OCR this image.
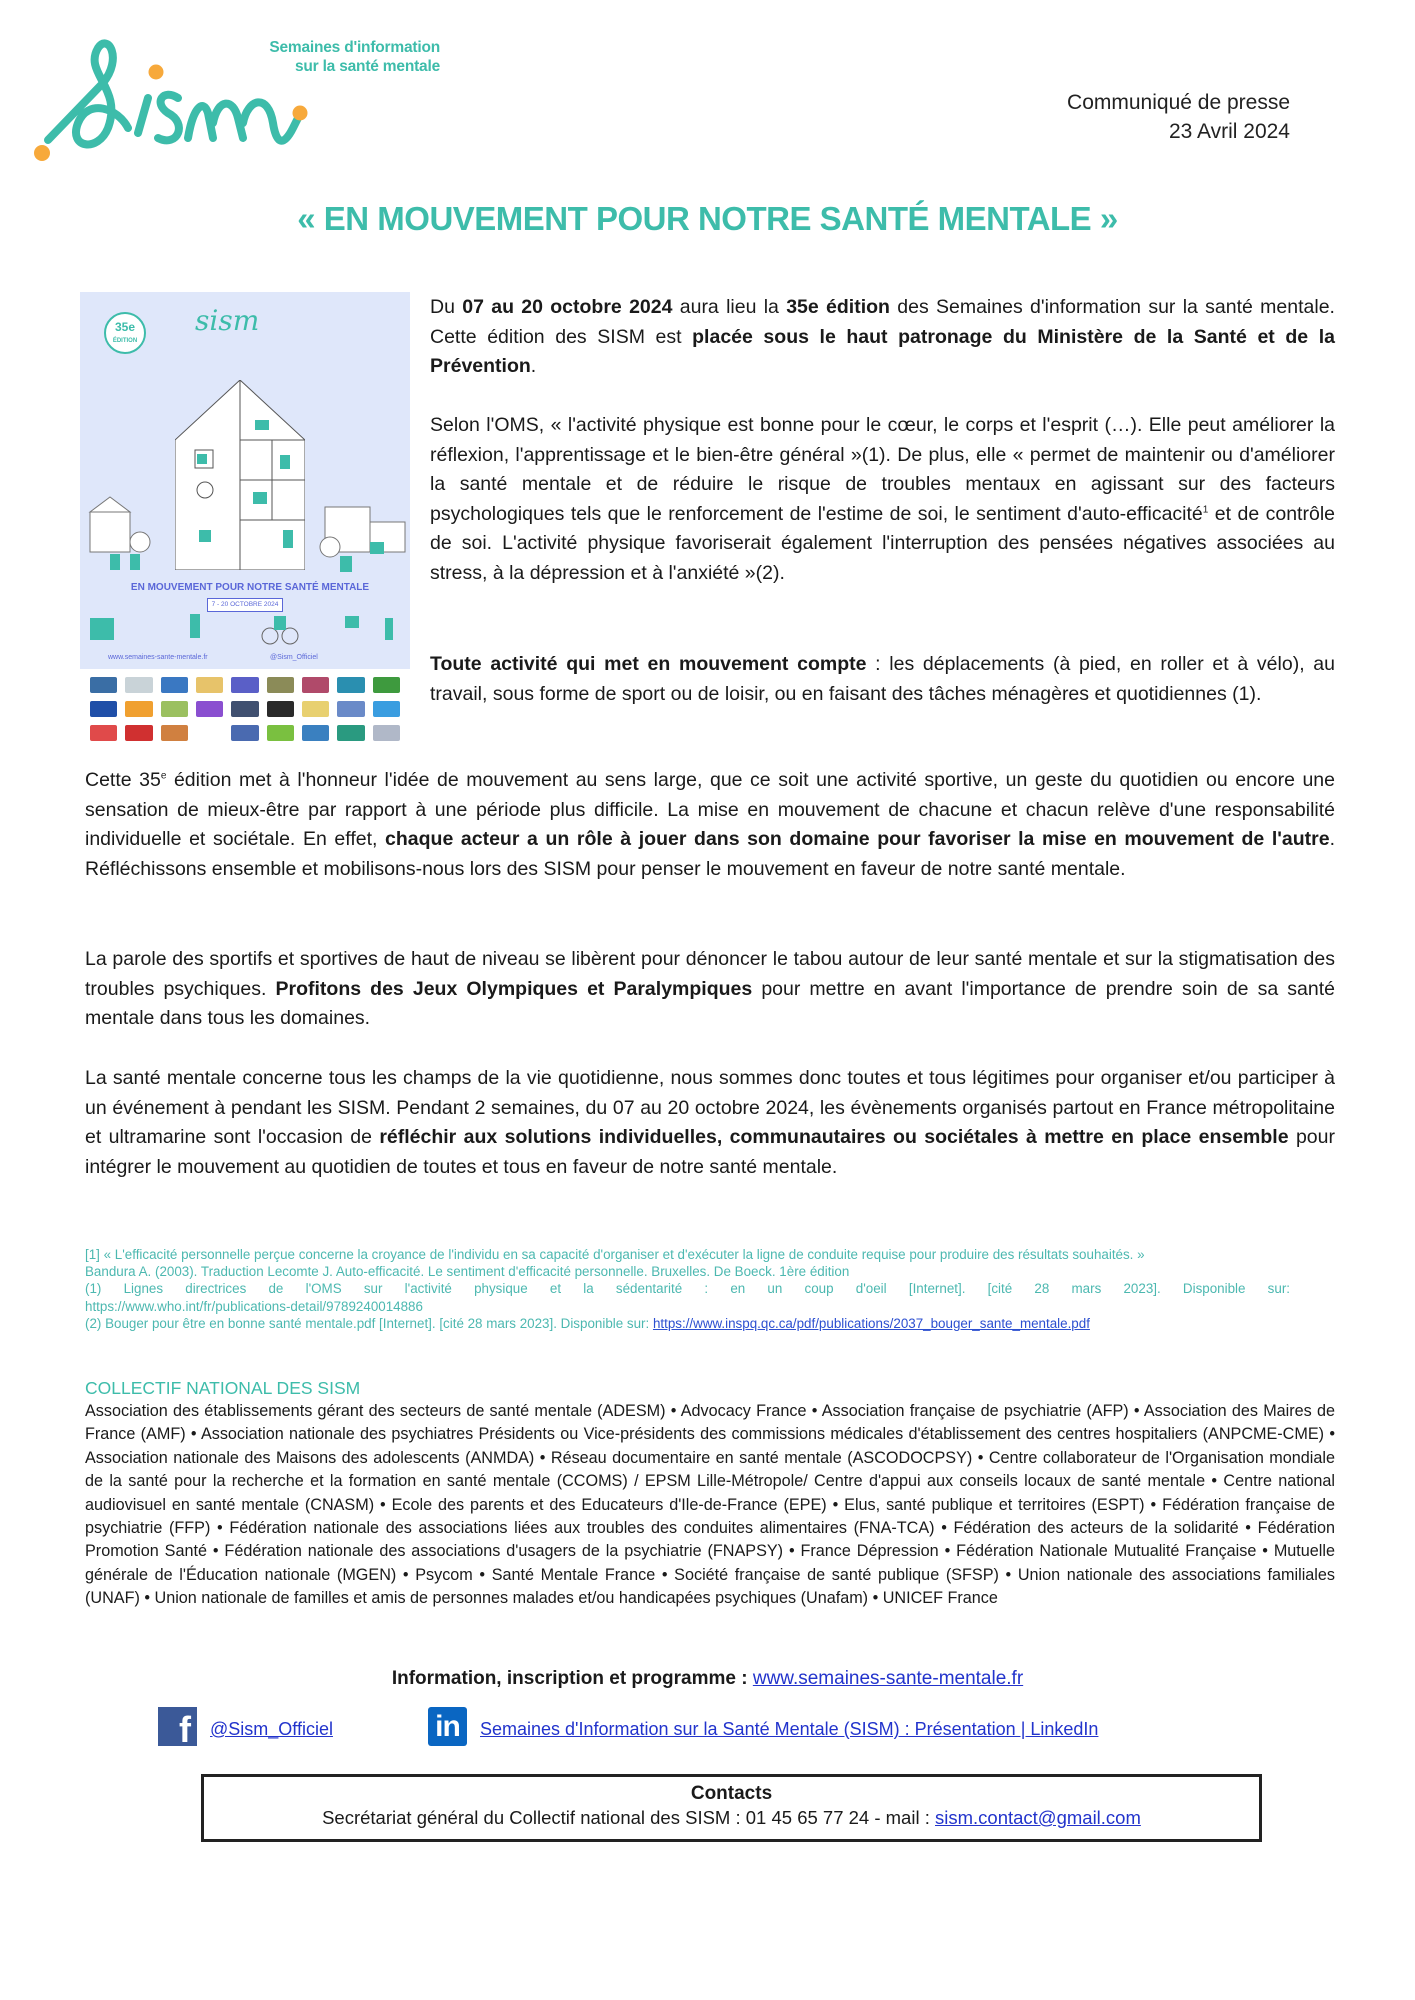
Semaines d'information
sur la santé mentale
Communiqué de presse
23 Avril 2024
« EN MOUVEMENT POUR NOTRE SANTÉ MENTALE »
35e
ÉDITION
sism
EN MOUVEMENT POUR NOTRE SANTÉ MENTALE
7 - 20 OCTOBRE 2024
www.semaines-sante-mentale.fr	@Sism_Officiel

Du 07 au 20 octobre 2024 aura lieu la 35e édition des Semaines d'information sur la santé mentale. Cette édition des SISM est placée sous le haut patronage du Ministère de la Santé et de la Prévention.

Selon l'OMS, « l'activité physique est bonne pour le cœur, le corps et l'esprit (…). Elle peut améliorer la réflexion, l'apprentissage et le bien-être général »(1). De plus, elle « permet de maintenir ou d'améliorer la santé mentale et de réduire le risque de troubles mentaux en agissant sur des facteurs psychologiques tels que le renforcement de l'estime de soi, le sentiment d'auto-efficacité$^1$ et de contrôle de soi. L'activité physique favoriserait également l'interruption des pensées négatives associées au stress, à la dépression et à l'anxiété »(2).

Toute activité qui met en mouvement compte : les déplacements (à pied, en roller et à vélo), au travail, sous forme de sport ou de loisir, ou en faisant des tâches ménagères et quotidiennes (1).

Cette 35e édition met à l'honneur l'idée de mouvement au sens large, que ce soit une activité sportive, un geste du quotidien ou encore une sensation de mieux-être par rapport à une période plus difficile. La mise en mouvement de chacune et chacun relève d'une responsabilité individuelle et sociétale. En effet, chaque acteur a un rôle à jouer dans son domaine pour favoriser la mise en mouvement de l'autre. Réfléchissons ensemble et mobilisons-nous lors des SISM pour penser le mouvement en faveur de notre santé mentale.

La parole des sportifs et sportives de haut de niveau se libèrent pour dénoncer le tabou autour de leur santé mentale et sur la stigmatisation des troubles psychiques. Profitons des Jeux Olympiques et Paralympiques pour mettre en avant l'importance de prendre soin de sa santé mentale dans tous les domaines.

La santé mentale concerne tous les champs de la vie quotidienne, nous sommes donc toutes et tous légitimes pour organiser et/ou participer à un événement à pendant les SISM. Pendant 2 semaines, du 07 au 20 octobre 2024, les évènements organisés partout en France métropolitaine et ultramarine sont l'occasion de réfléchir aux solutions individuelles, communautaires ou sociétales à mettre en place ensemble pour intégrer le mouvement au quotidien de toutes et tous en faveur de notre santé mentale.

[1] « L'efficacité personnelle perçue concerne la croyance de l'individu en sa capacité d'organiser et d'exécuter la ligne de conduite requise pour produire des résultats souhaités. »
Bandura A. (2003). Traduction Lecomte J. Auto-efficacité. Le sentiment d'efficacité personnelle. Bruxelles. De Boeck. 1ère édition
(1) Lignes directrices de l'OMS sur l'activité physique et la sédentarité : en un coup d'oeil [Internet]. [cité 28 mars 2023]. Disponible sur:
https://www.who.int/fr/publications-detail/9789240014886
(2) Bouger pour être en bonne santé mentale.pdf [Internet]. [cité 28 mars 2023]. Disponible sur: https://www.inspq.qc.ca/pdf/publications/2037_bouger_sante_mentale.pdf
COLLECTIF NATIONAL DES SISM
Association des établissements gérant des secteurs de santé mentale (ADESM) • Advocacy France • Association française de psychiatrie (AFP) • Association des Maires de France (AMF) • Association nationale des psychiatres Présidents ou Vice-présidents des commissions médicales d'établissement des centres hospitaliers (ANPCME-CME) • Association nationale des Maisons des adolescents (ANMDA) • Réseau documentaire en santé mentale (ASCODOCPSY) • Centre collaborateur de l'Organisation mondiale de la santé pour la recherche et la formation en santé mentale (CCOMS) / EPSM Lille-Métropole/ Centre d'appui aux conseils locaux de santé mentale • Centre national audiovisuel en santé mentale (CNASM) • Ecole des parents et des Educateurs d'Ile-de-France (EPE) • Elus, santé publique et territoires (ESPT) • Fédération française de psychiatrie (FFP) • Fédération nationale des associations liées aux troubles des conduites alimentaires (FNA-TCA) • Fédération des acteurs de la solidarité • Fédération Promotion Santé • Fédération nationale des associations d'usagers de la psychiatrie (FNAPSY) • France Dépression • Fédération Nationale Mutualité Française • Mutuelle générale de l'Éducation nationale (MGEN) • Psycom • Santé Mentale France • Société française de santé publique (SFSP) • Union nationale des associations familiales (UNAF) • Union nationale de familles et amis de personnes malades et/ou handicapées psychiques (Unafam) • UNICEF France
Information, inscription et programme : www.semaines-sante-mentale.fr
f	@Sism_Officiel	in	Semaines d'Information sur la Santé Mentale (SISM) : Présentation | LinkedIn
Contacts
Secrétariat général du Collectif national des SISM : 01 45 65 77 24 - mail : sism.contact@gmail.com
